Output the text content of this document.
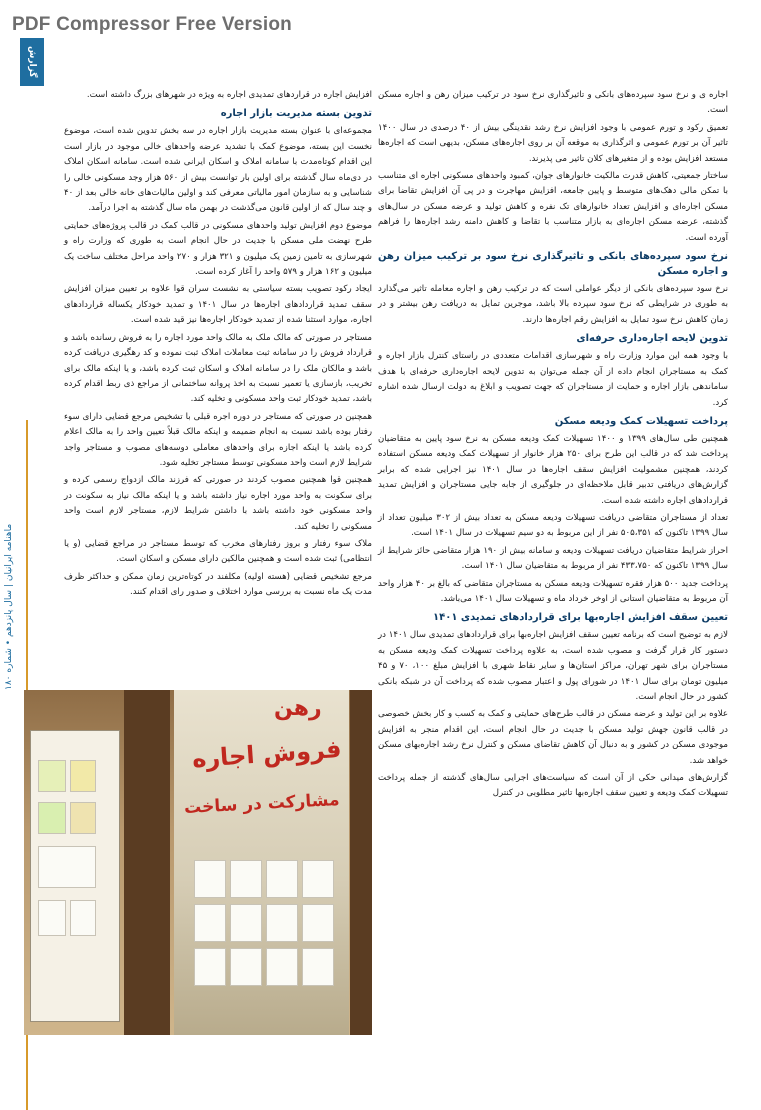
PDF Compressor Free Version
گزارش
ماهنامه ایرانیان | سال پانزدهم • شماره ۱۸۰

اجاره ی و نرخ سود سپرده‌های بانکی و تاثیرگذاری نرخ سود در ترکیب میزان رهن و اجاره مسکن است.

تعمیق رکود و تورم عمومی با وجود افزایش نرخ رشد نقدینگی بیش از ۴۰ درصدی در سال ۱۴۰۰ تاثیر آن بر تورم عمومی و اثرگذاری به موقعه آن بر روی اجاره‌های مسکن، بدیهی است که اجاره‌ها مستعد افزایش بوده و از متغیرهای کلان تاثیر می پذیرند.

ساختار جمعیتی، کاهش قدرت مالکیت خانوارهای جوان، کمبود واحدهای مسکونی اجاره ای متناسب با تمکن مالی دهک‌های متوسط و پایین جامعه، افزایش مهاجرت و در پی آن افزایش تقاضا برای مسکن اجاره‌ای و افزایش تعداد خانوارهای تک نفره و کاهش تولید و عرضه مسکن در سال‌های گذشته، عرضه مسکن اجاره‌ای به بازار متناسب با تقاضا و کاهش دامنه رشد اجاره‌ها را فراهم آورده است.

نرخ سود سپرده‌های بانکی و تاثیرگذاری نرخ سود بر ترکیب میزان رهن و اجاره مسکن

نرخ سود سپرده‌های بانکی از دیگر عواملی است که در ترکیب رهن و اجاره معامله تاثیر می‌گذارد به طوری در شرایطی که نرخ سود سپرده بالا باشد، موجرین تمایل به دریافت رهن بیشتر و در زمان کاهش نرخ سود تمایل به افزایش رقم اجاره‌ها دارند.

تدوین لایحه اجاره‌داری حرفه‌ای

با وجود همه این موارد وزارت راه و شهرسازی اقدامات متعددی در راستای کنترل بازار اجاره و کمک به مستاجران انجام داده از آن جمله می‌توان به تدوین لایحه اجاره‌داری حرفه‌ای با هدف ساماندهی بازار اجاره و حمایت از مستاجران که جهت تصویب و ابلاغ به دولت ارسال شده اشاره کرد.

پرداخت تسهیلات کمک ودیعه مسکن

همچنین طی سال‌های ۱۳۹۹ و ۱۴۰۰ تسهیلات کمک ودیعه مسکن به نرخ سود پایین به متقاضیان پرداخت شد که در قالب این طرح برای ۲۵۰ هزار خانوار از تسهیلات کمک ودیعه مسکن استفاده کردند، همچنین مشمولیت افزایش سقف اجاره‌ها در سال ۱۴۰۱ نیز اجرایی شده که برابر گزارش‌های دریافتی تدبیر قابل ملاحظه‌ای در جلوگیری از جابه جایی مستاجران و افزایش تمدید قراردادهای اجاره داشته شده است.

تعداد از مستاجران متقاضی دریافت تسهیلات ودیعه مسکن به تعداد بیش از ۳۰۲ میلیون تعداد از سال ۱۳۹۹ تاکنون که ۵۰۵،۳۵۱ نفر از این مربوط به دو سیم تسهیلات در سال ۱۴۰۱ است.

احراز شرایط متقاضیان دریافت تسهیلات ودیعه و سامانه بیش از ۱۹۰ هزار متقاضی حائز شرایط از سال ۱۳۹۹ تاکنون که ۴۳۳،۷۵۰ نفر از مربوط به متقاضیان سال ۱۴۰۱ است.

پرداخت جدید ۵۰۰ هزار فقره تسهیلات ودیعه مسکن به مستاجران متقاضی که بالغ بر ۴۰ هزار واحد آن مربوط به متقاضیان استانی از اوخر خرداد ماه و تسهیلات سال ۱۴۰۱ می‌باشد.

تعیین سقف افزایش اجاره‌بها برای قراردادهای تمدیدی ۱۴۰۱

لازم به توضیح است که برنامه تعیین سقف افزایش اجاره‌بها برای قراردادهای تمدیدی سال ۱۴۰۱ در دستور کار قرار گرفت و مصوب شده است، به علاوه پرداخت تسهیلات کمک ودیعه مسکن به مستاجران برای شهر تهران، مراکز استان‌ها و سایر نقاط شهری با افزایش مبلغ ۱۰۰، ۷۰ و ۴۵ میلیون تومان برای سال ۱۴۰۱ در شورای پول و اعتبار مصوب شده که پرداخت آن در شبکه بانکی کشور در حال انجام است.

علاوه بر این تولید و عرضه مسکن در قالب طرح‌های حمایتی و کمک به کسب و کار بخش خصوصی در قالب قانون جهش تولید مسکن با جدیت در حال انجام است، این اقدام منجر به افزایش موجودی مسکن در کشور و به دنبال آن کاهش تقاضای مسکن و کنترل نرخ رشد اجاره‌بهای مسکن خواهد شد.

گزارش‌های میدانی حکی از آن است که سیاست‌های اجرایی سال‌های گذشته از جمله پرداخت تسهیلات کمک ودیعه و تعیین سقف اجاره‌بها تاثیر مطلوبی در کنترل

افزایش اجاره در قراردهای تمدیدی اجاره به ویژه در شهرهای بزرگ داشته است.

تدوین بسته مدیریت بازار اجاره

مجموعه‌ای با عنوان بسته مدیریت بازار اجاره در سه بخش تدوین شده است، موضوع نخست این بسته، موضوع کمک با تشدید عرضه واحدهای خالی موجود در بازار است این اقدام کوتاه‌مدت با سامانه املاک و اسکان ایرانی شده است. سامانه اسکان املاک در دی‌ماه سال گذشته برای اولین بار توانست بیش از ۵۶۰ هزار وجد مسکونی خالی را شناسایی و به سازمان امور مالیاتی معرفی کند و اولین مالیات‌های خانه خالی بعد از ۴۰ و چند سال که از اولین قانون می‌گذشت در بهمن ماه سال گذشته به اجرا درآمد.

موضوع دوم افزایش تولید واحدهای مسکونی در قالب کمک در قالب پروژه‌های حمایتی طرح نهضت ملی مسکن با جدیت در حال انجام است به طوری که وزارت راه و شهرسازی به تامین زمین یک میلیون و ۳۲۱ هزار و ۲۷۰ واحد مراحل مختلف ساخت یک میلیون و ۱۶۲ هزار و ۵۷۹ واحد را آغاز کرده است.

ایجاد رکود تصویب بسته سیاستی به نشست سران قوا علاوه بر تعیین میزان افزایش سقف تمدید قراردادهای اجاره‌ها در سال ۱۴۰۱ و تمدید خودکار یکساله قراردادهای اجاره، موارد استثنا شده از تمدید خودکار اجاره‌ها نیز قید شده است.

مستاجر در صورتی که مالک ملک به مالک واحد مورد اجاره را به فروش رسانده باشد و قرارداد فروش را در سامانه ثبت معاملات املاک ثبت نموده و کد رهگیری دریافت کرده باشد و مالکان ملک را در سامانه املاک و اسکان ثبت کرده باشد، و یا اینکه مالک برای تخریب، بازسازی یا تعمیر نسبت به اخذ پروانه ساختمانی از مراجع ذی ربط اقدام کرده باشد، تمدید خودکار ثبت واحد مسکونی و تخلیه کند.

همچنین در صورتی که مستاجر در دوره اجره قبلی با تشخیص مرجع قضایی دارای سوء رفتار بوده باشد نسبت به انجام ضمیمه و اینکه مالک قبلاً تعیین واحد را به مالک اعلام کرده باشد یا اینکه اجازه برای واحدهای معاملی دوسه‌های مصوب و مستاجر واجد شرایط لازم است واحد مسکونی توسط مستاجر تخلیه شود.

همچنین قوا همچنین مصوب کردند در صورتی که فرزند مالک ازدواج رسمی کرده و برای سکونت به واحد مورد اجاره نیاز داشته باشد و یا اینکه مالک نیاز به سکونت در واحد مسکونی خود داشته باشد با داشتن شرایط لازم، مستاجر لازم است واحد مسکونی را تخلیه کند.

ملاک سوء رفتار و بروز رفتارهای مخرب که توسط مستاجر در مراجع قضایی (و یا انتظامی) ثبت شده است و همچنین مالکین دارای مسکن و اسکان است.

مرجع تشخیص قضایی (هسته اولیه) مکلفند در کوتاه‌ترین زمان ممکن و حداکثر ظرف مدت یک ماه نسبت به بررسی موارد اختلاف و صدور رای اقدام کنند.

رهن
فروش اجاره
مشارکت در ساخت
